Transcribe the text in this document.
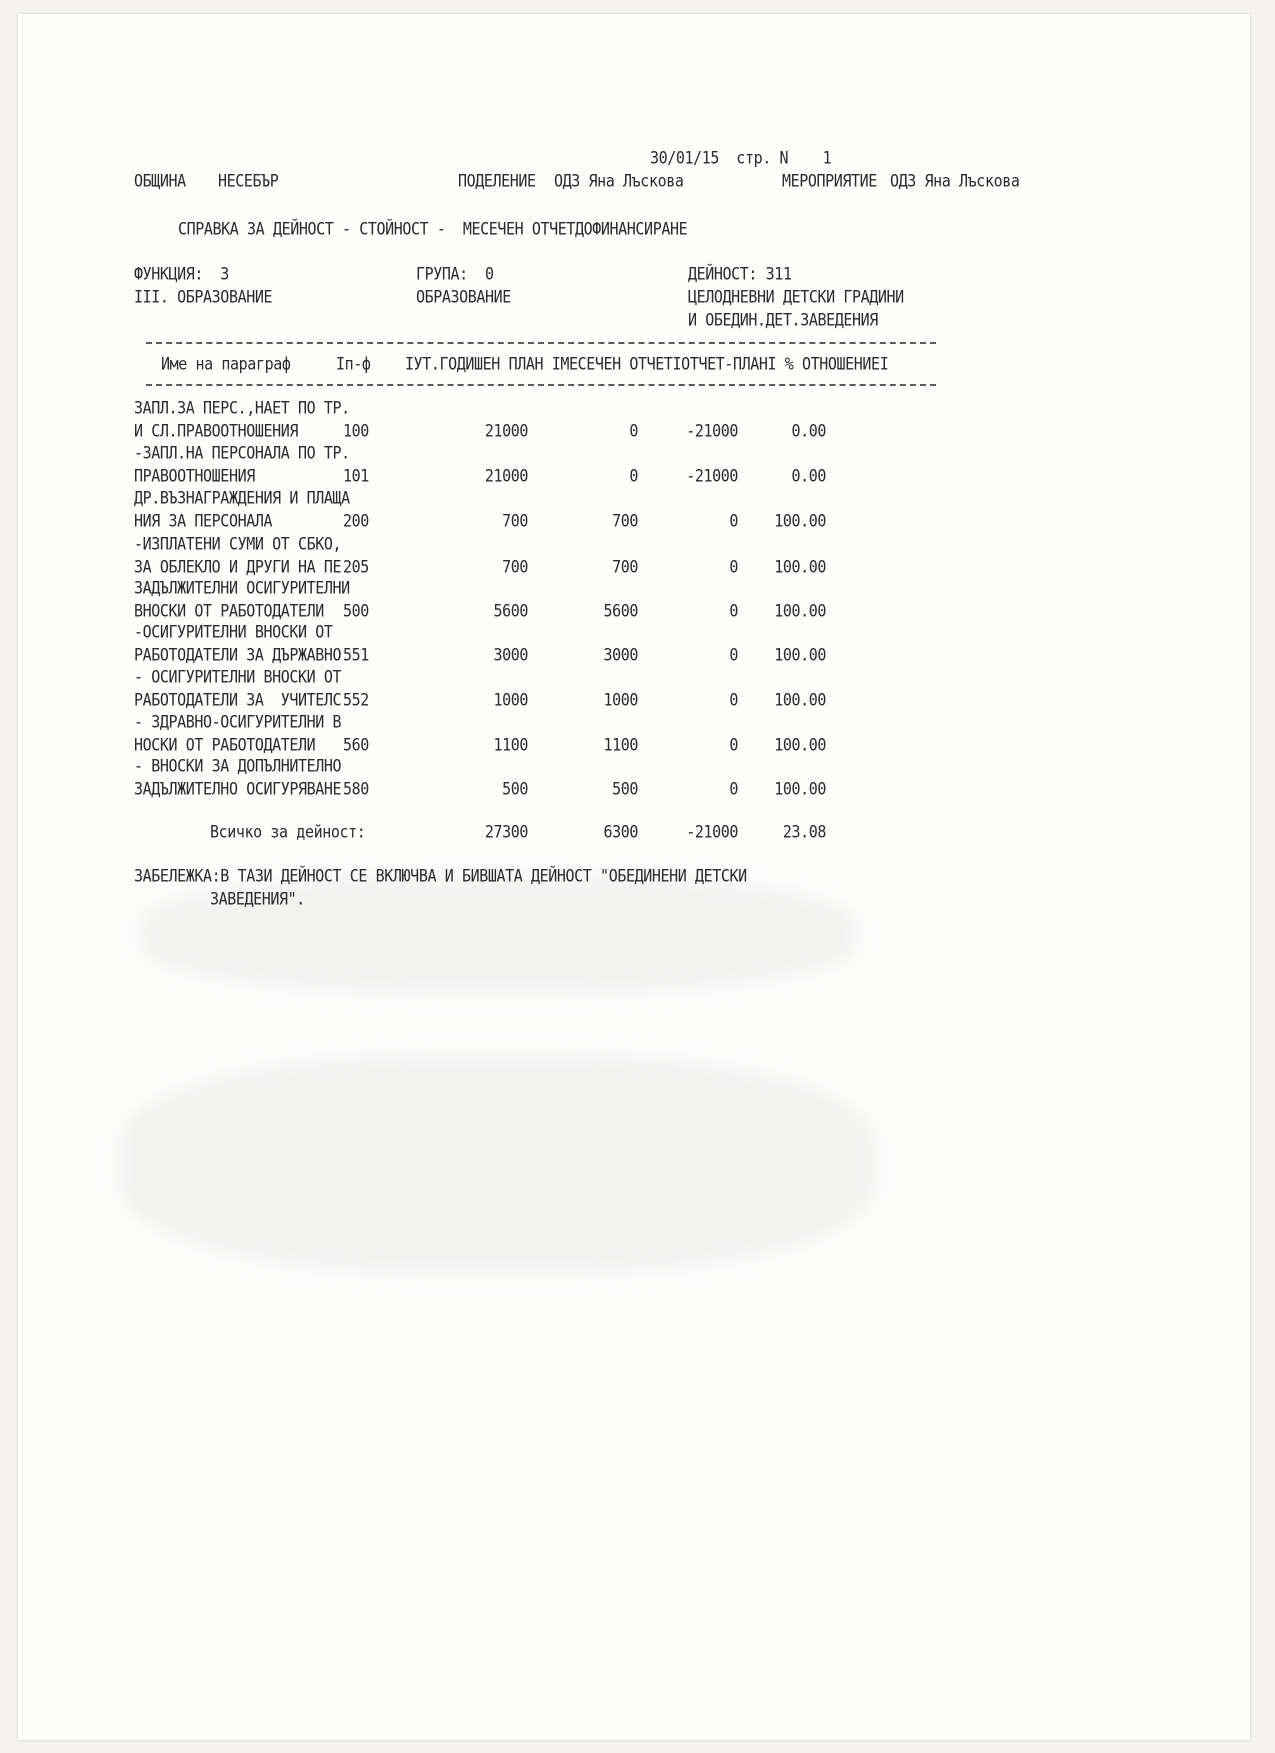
30/01/15  стр. N    1
ОБЩИНА НЕСЕБЪР	ПОДЕЛЕНИЕ ОДЗ Яна Лъскова	МЕРОПРИЯТИЕ ОДЗ Яна Лъскова
СПРАВКА ЗА ДЕЙНОСТ - СТОЙНОСТ -  МЕСЕЧЕН ОТЧЕТДОФИНАНСИРАНЕ
ФУНКЦИЯ:  3
III. ОБРАЗОВАНИЕ
ГРУПА:  0
ОБРАЗОВАНИЕ
ДЕЙНОСТ: 311
ЦЕЛОДНЕВНИ ДЕТСКИ ГРАДИНИ
И ОБЕДИН.ДЕТ.ЗАВЕДЕНИЯ
Име на параграф	Iп-ф IУТ.ГОДИШЕН ПЛАН IМЕСЕЧЕН ОТЧЕТIОТЧЕТ-ПЛАНI % ОТНОШЕНИЕI
ЗАПЛ.ЗА ПЕРС.,НАЕТ ПО ТР.
И СЛ.ПРАВООТНОШЕНИЯ	100	21000	0	-21000	0.00
-ЗАПЛ.НА ПЕРСОНАЛА ПО ТР.
ПРАВООТНОШЕНИЯ	101	21000	0	-21000	0.00
ДР.ВЪЗНАГРАЖДЕНИЯ И ПЛАЩА
НИЯ ЗА ПЕРСОНАЛА	200	700	700	0	100.00
-ИЗПЛАТЕНИ СУМИ ОТ СБКО,
ЗА ОБЛЕКЛО И ДРУГИ НА ПЕ 205	700	700	0	100.00
ЗАДЪЛЖИТЕЛНИ ОСИГУРИТЕЛНИ
ВНОСКИ ОТ РАБОТОДАТЕЛИ 500	5600	5600	0	100.00
-ОСИГУРИТЕЛНИ ВНОСКИ ОТ
РАБОТОДАТЕЛИ ЗА ДЪРЖАВНО 551	3000	3000	0	100.00
- ОСИГУРИТЕЛНИ ВНОСКИ ОТ
РАБОТОДАТЕЛИ ЗА  УЧИТЕЛС 552	1000	1000	0	100.00
- ЗДРАВНО-ОСИГУРИТЕЛНИ В
НОСКИ ОТ РАБОТОДАТЕЛИ 560	1100	1100	0	100.00
- ВНОСКИ ЗА ДОПЪЛНИТЕЛНО
ЗАДЪЛЖИТЕЛНО ОСИГУРЯВАНЕ 580	500	500	0	100.00
Всичко за дейност:	27300	6300	-21000	23.08
ЗАБЕЛЕЖКА:В ТАЗИ ДЕЙНОСТ СЕ ВКЛЮЧВА И БИВШАТА ДЕЙНОСТ "ОБЕДИНЕНИ ДЕТСКИ
ЗАВЕДЕНИЯ".
